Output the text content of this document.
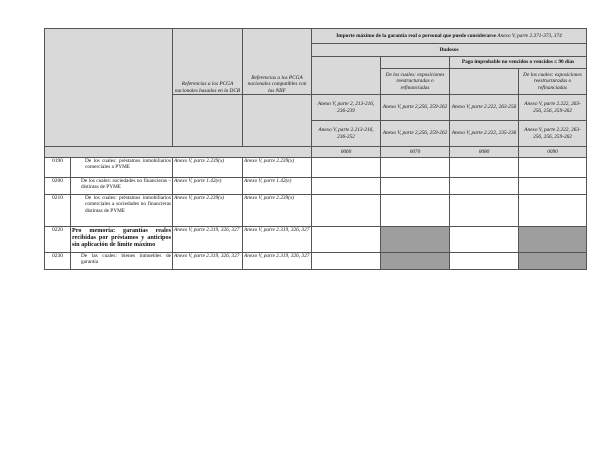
		Referencias a los PCGA nacionales basados en la DCB	Referencias a los PCGA nacionales compatibles con las NIIF	Importe máximo de la garantía real o personal que puede considerarse Anexo V, parte 2.371-373, 374			
				Dudosos			
						Pago improbable no vencidos o vencidos ≤ 90 días	
					De los cuales: exposiciones reestructuradas o refinanciadas		De los cuales: exposiciones reestructuradas o refinanciadas
				Anexo V, parte 2, 213-216, 236-239	Anexo V, parte 2,256, 259-262	Anexo V, parte 2.222, 263-256	Anexo V, parte 2.222, 263-256, 256, 259-262
				Anexo V, parte 2.213-216, 236-252	Anexo V, parte 2,256, 259-262	Anexo V, parte 2.222, 235-236	Anexo V, parte 2.222, 263-256, 256, 259-262
				0060	0070	0080	0090
0190	De los cuales: préstamos inmobiliarios comerciales a PYME	Anexo V, parte 2.239(x)	Anexo V, parte 2.239(x)				
0200	De los cuales: sociedades no financieras – distintas de PYME	Anexo V, parte 1.42(e)	Anexo V, parte 1.42(e)				
0210	De los cuales: préstamos inmobiliarios comerciales a sociedades no financieras distintas de PYME	Anexo V, parte 2.239(x)	Anexo V, parte 2.239(x)				
0220	Pro memoria: garantías reales recibidas por préstamos y anticipos sin aplicación de límite máximo	Anexo V, parte 2.319, 326, 327	Anexo V, parte 2.319, 326, 327				
0230	De las cuales: bienes inmuebles de garantía	Anexo V, parte 2.319, 326, 327	Anexo V, parte 2.319, 326, 327				
